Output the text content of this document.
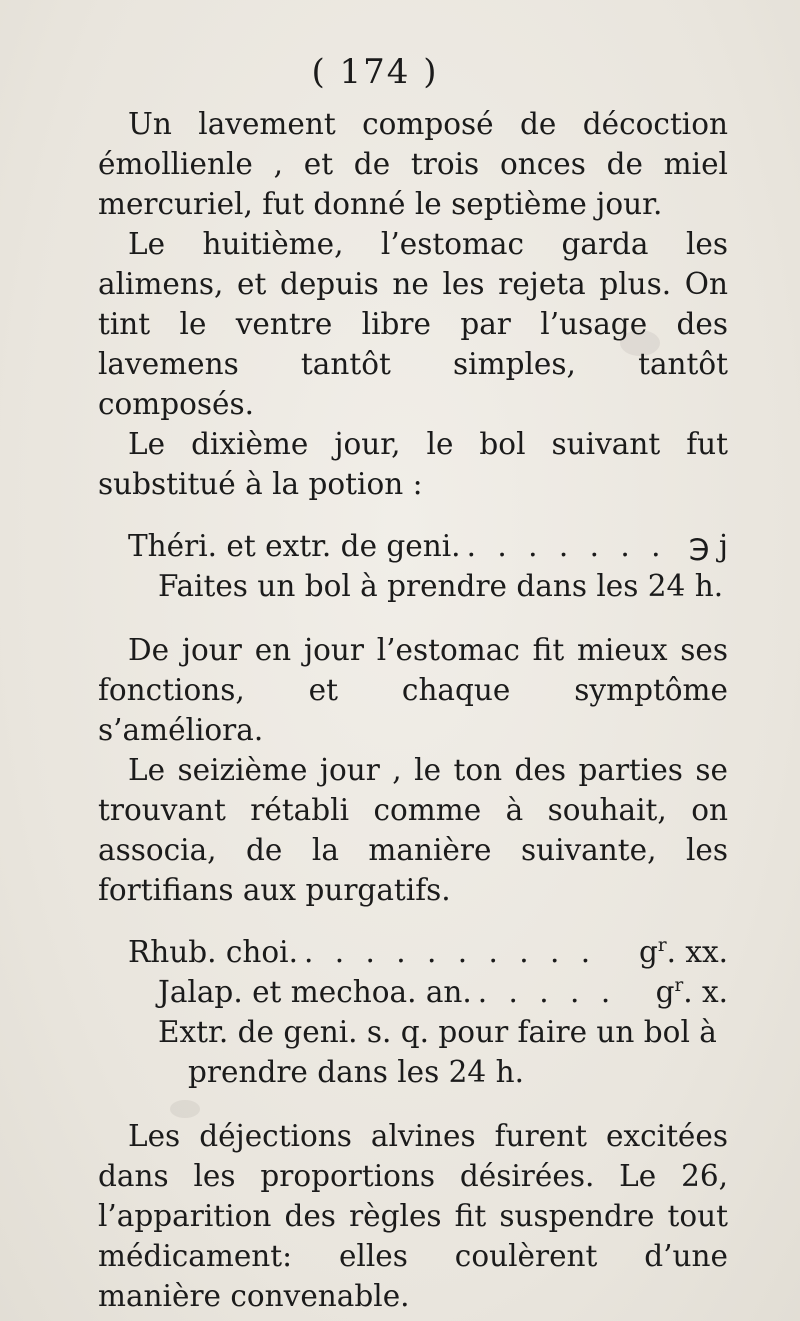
( 174 )

Un lavement composé de décoction émollienle , et de trois onces de miel mercuriel, fut donné le septième jour.

Le huitième, l’estomac garda les alimens, et depuis ne les rejeta plus. On tint le ventre libre par l’usage des lavemens tantôt simples, tantôt composés.

Le dixième jour, le bol suivant fut substitué à la potion :

Théri. et extr. de geni. . . . . . . . ℈ j
Faites un bol à prendre dans les 24 h.

De jour en jour l’estomac fit mieux ses fonctions, et chaque symptôme s’améliora.

Le seizième jour , le ton des parties se trouvant rétabli comme à souhait, on associa, de la manière suivante, les fortifians aux purgatifs.

Rhub. choi. . . . . . . . . . .	$g^r$. xx.
Jalap. et mechoa. an. . . . . .	$g^r$. x.
Extr. de geni. s. q. pour faire un bol à
prendre dans les 24 h.

Les déjections alvines furent excitées dans les proportions désirées. Le 26, l’apparition des règles fit suspendre tout médicament: elles coulèrent d’une manière convenable.
